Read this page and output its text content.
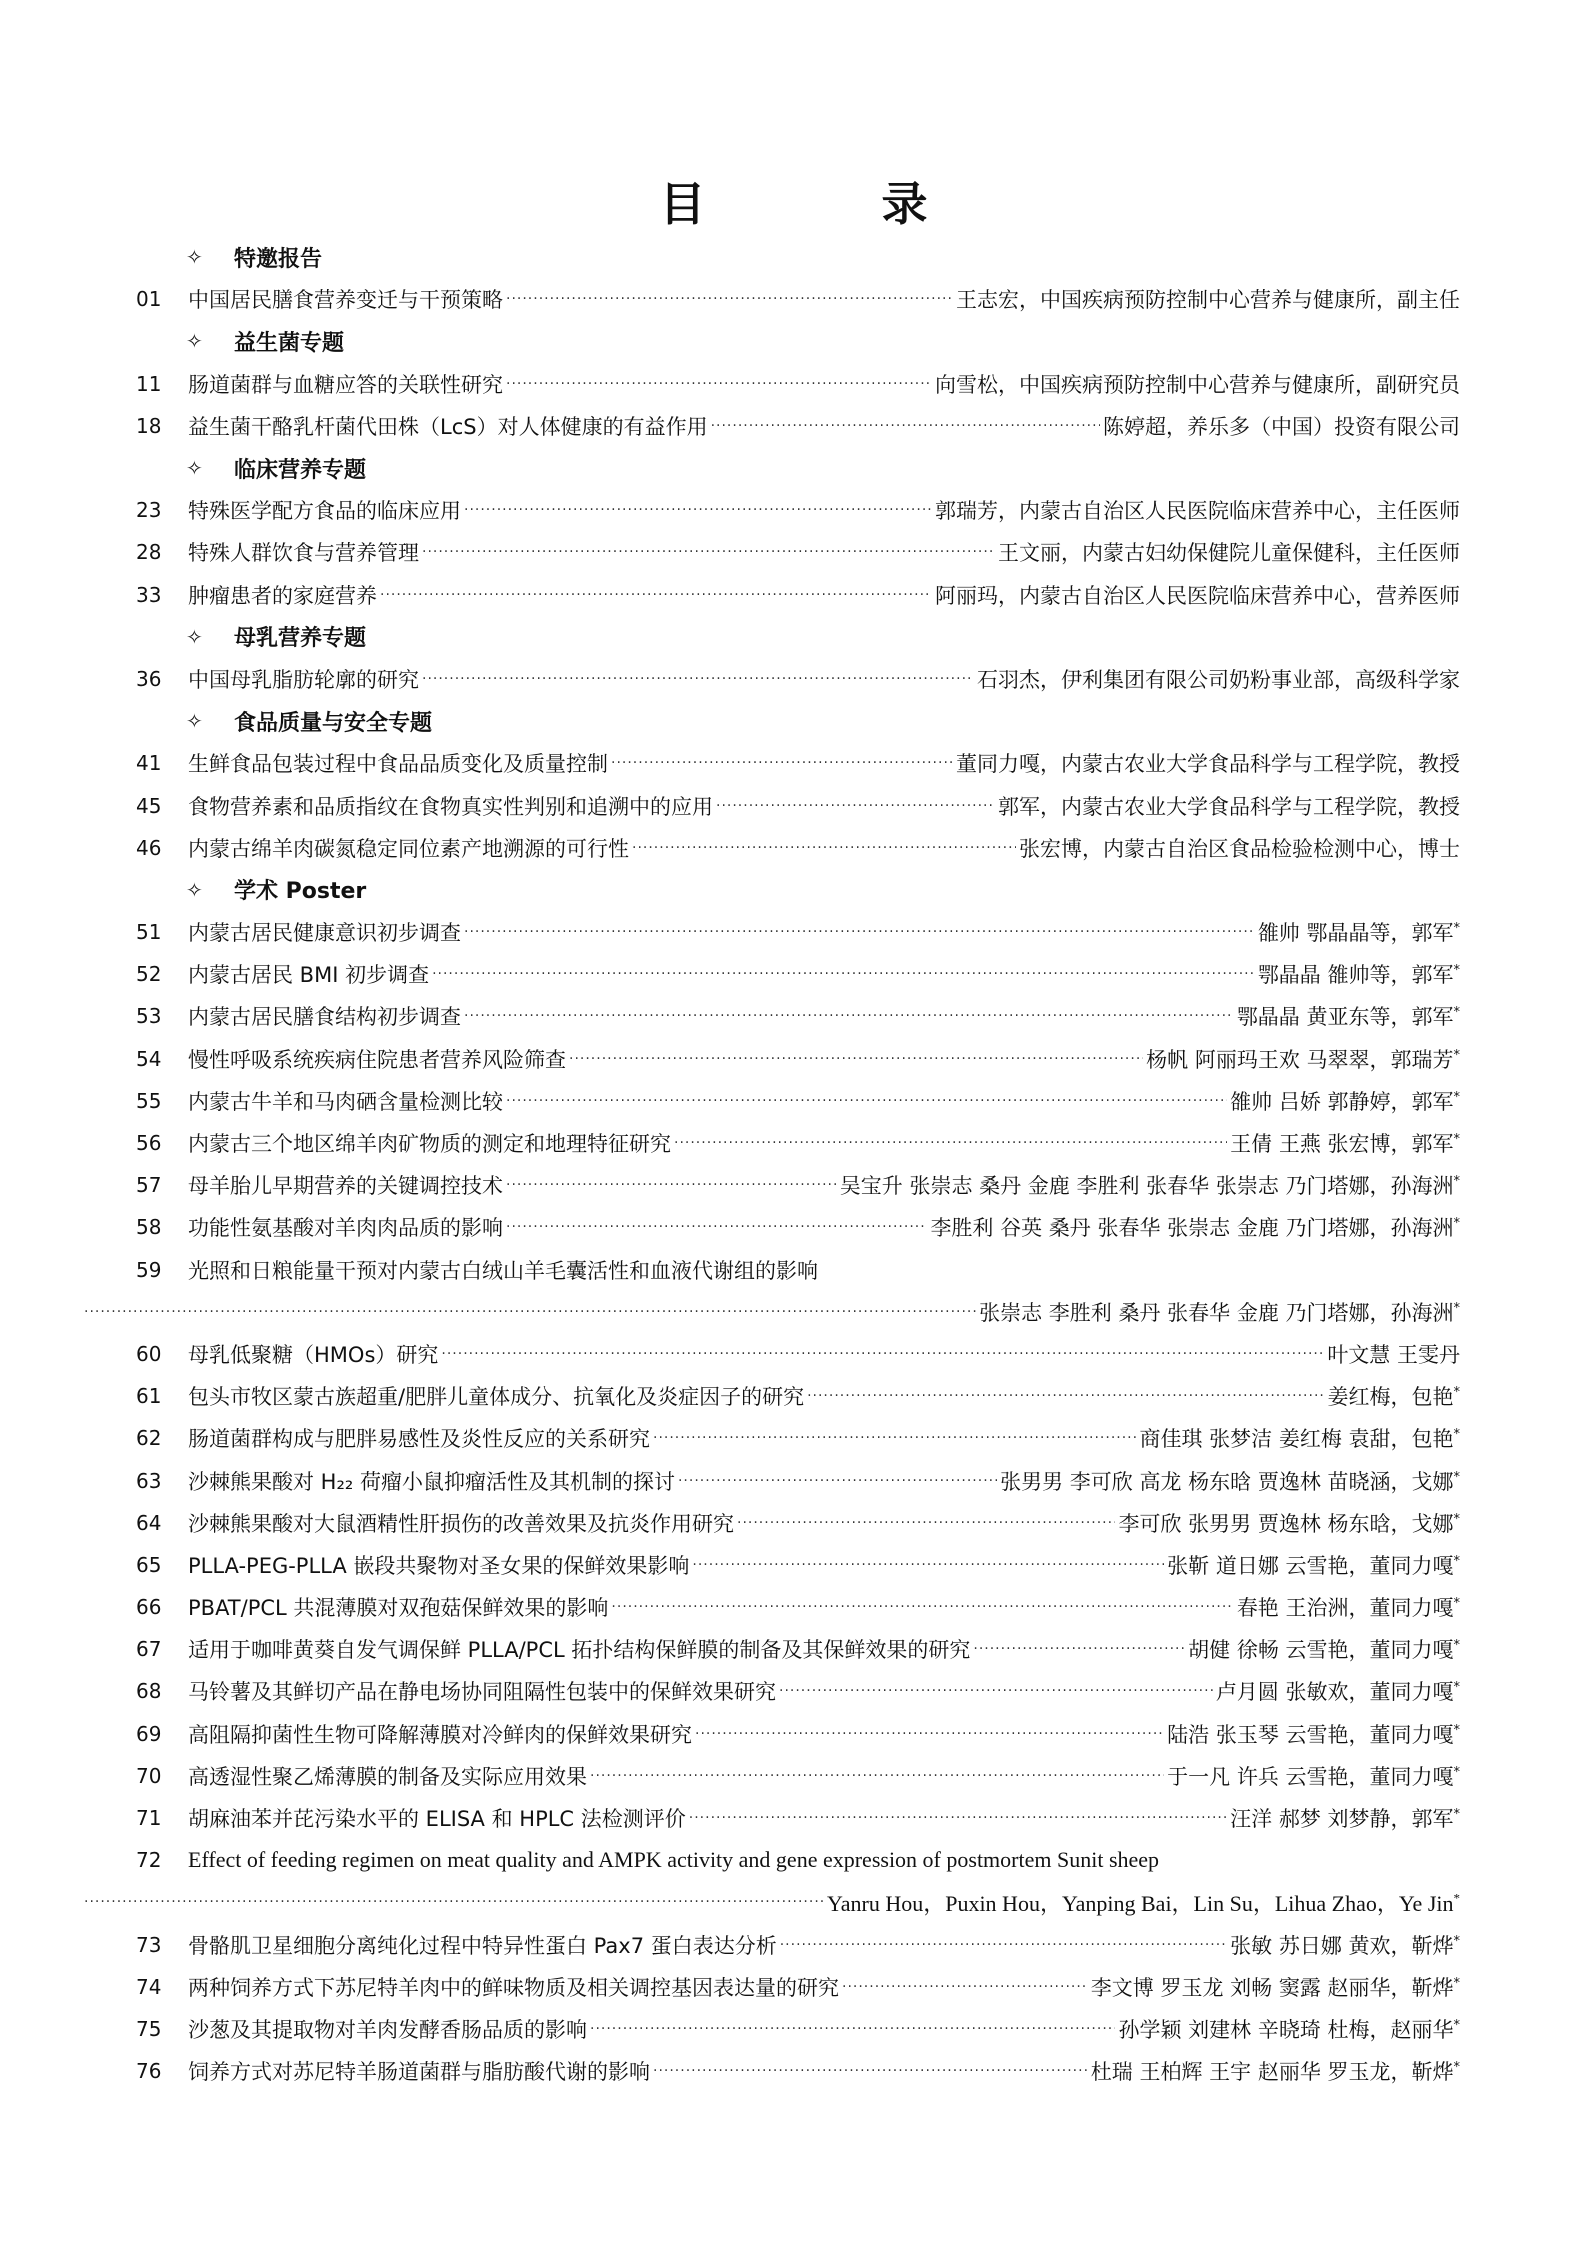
目 录
✧	特邀报告
01	中国居民膳食营养变迁与干预策略 ·····	王志宏，中国疾病预防控制中心营养与健康所，副主任
✧	益生菌专题
11	肠道菌群与血糖应答的关联性研究 ·····	向雪松，中国疾病预防控制中心营养与健康所，副研究员
18	益生菌干酪乳杆菌代田株（LcS）对人体健康的有益作用 ·····	陈婷超，养乐多（中国）投资有限公司
✧	临床营养专题
23	特殊医学配方食品的临床应用 ·····	郭瑞芳，内蒙古自治区人民医院临床营养中心，主任医师
28	特殊人群饮食与营养管理 ·····	王文丽，内蒙古妇幼保健院儿童保健科，主任医师
33	肿瘤患者的家庭营养 ·····	阿丽玛，内蒙古自治区人民医院临床营养中心，营养医师
✧	母乳营养专题
36	中国母乳脂肪轮廓的研究 ·····	石羽杰，伊利集团有限公司奶粉事业部，高级科学家
✧	食品质量与安全专题
41	生鲜食品包装过程中食品品质变化及质量控制 ·····	董同力嘎，内蒙古农业大学食品科学与工程学院，教授
45	食物营养素和品质指纹在食物真实性判别和追溯中的应用 ·····	郭军，内蒙古农业大学食品科学与工程学院，教授
46	内蒙古绵羊肉碳氮稳定同位素产地溯源的可行性 ·····	张宏博，内蒙古自治区食品检验检测中心，博士
✧	学术 Poster
51	内蒙古居民健康意识初步调查 ·····	雒帅 鄂晶晶等，郭军*
52	内蒙古居民 BMI 初步调查 ·····	鄂晶晶 雒帅等，郭军*
53	内蒙古居民膳食结构初步调查 ·····	鄂晶晶 黄亚东等，郭军*
54	慢性呼吸系统疾病住院患者营养风险筛查 ·····	杨帆 阿丽玛王欢 马翠翠，郭瑞芳*
55	内蒙古牛羊和马肉硒含量检测比较 ·····	雒帅 吕娇 郭静婷，郭军*
56	内蒙古三个地区绵羊肉矿物质的测定和地理特征研究 ·····	王倩 王燕 张宏博，郭军*
57	母羊胎儿早期营养的关键调控技术 ·····	吴宝升 张崇志 桑丹 金鹿 李胜利 张春华 张崇志 乃门塔娜，孙海洲*
58	功能性氨基酸对羊肉肉品质的影响 ·····	李胜利 谷英 桑丹 张春华 张崇志 金鹿 乃门塔娜，孙海洲*
59	光照和日粮能量干预对内蒙古白绒山羊毛囊活性和血液代谢组的影响
·····
张崇志 李胜利 桑丹 张春华 金鹿 乃门塔娜，孙海洲*
60	母乳低聚糖（HMOs）研究 ·····	叶文慧 王雯丹
61	包头市牧区蒙古族超重/肥胖儿童体成分、抗氧化及炎症因子的研究 ·····	姜红梅，包艳*
62	肠道菌群构成与肥胖易感性及炎性反应的关系研究 ·····	商佳琪 张梦洁 姜红梅 袁甜，包艳*
63	沙棘熊果酸对 H₂₂ 荷瘤小鼠抑瘤活性及其机制的探讨 ·····	张男男 李可欣 高龙 杨东晗 贾逸林 苗晓涵，戈娜*
64	沙棘熊果酸对大鼠酒精性肝损伤的改善效果及抗炎作用研究 ·····	李可欣 张男男 贾逸林 杨东晗，戈娜*
65	PLLA-PEG-PLLA 嵌段共聚物对圣女果的保鲜效果影响 ·····	张靳 道日娜 云雪艳，董同力嘎*
66	PBAT/PCL 共混薄膜对双孢菇保鲜效果的影响 ·····	春艳 王治洲，董同力嘎*
67	适用于咖啡黄葵自发气调保鲜 PLLA/PCL 拓扑结构保鲜膜的制备及其保鲜效果的研究 ·····	胡健 徐畅 云雪艳，董同力嘎*
68	马铃薯及其鲜切产品在静电场协同阻隔性包装中的保鲜效果研究 ·····	卢月圆 张敏欢，董同力嘎*
69	高阻隔抑菌性生物可降解薄膜对冷鲜肉的保鲜效果研究 ·····	陆浩 张玉琴 云雪艳，董同力嘎*
70	高透湿性聚乙烯薄膜的制备及实际应用效果 ·····	于一凡 许兵 云雪艳，董同力嘎*
71	胡麻油苯并芘污染水平的 ELISA 和 HPLC 法检测评价 ·····	汪洋 郝梦 刘梦静，郭军*
72	Effect of feeding regimen on meat quality and AMPK activity and gene expression of postmortem Sunit sheep
·····
Yanru Hou，Puxin Hou，Yanping Bai，Lin Su，Lihua Zhao，Ye Jin*
73	骨骼肌卫星细胞分离纯化过程中特异性蛋白 Pax7 蛋白表达分析 ·····	张敏 苏日娜 黄欢，靳烨*
74	两种饲养方式下苏尼特羊肉中的鲜味物质及相关调控基因表达量的研究 ·····	李文博 罗玉龙 刘畅 窦露 赵丽华，靳烨*
75	沙葱及其提取物对羊肉发酵香肠品质的影响 ·····	孙学颖 刘建林 辛晓琦 杜梅，赵丽华*
76	饲养方式对苏尼特羊肠道菌群与脂肪酸代谢的影响 ·····	杜瑞 王柏辉 王宇 赵丽华 罗玉龙，靳烨*
